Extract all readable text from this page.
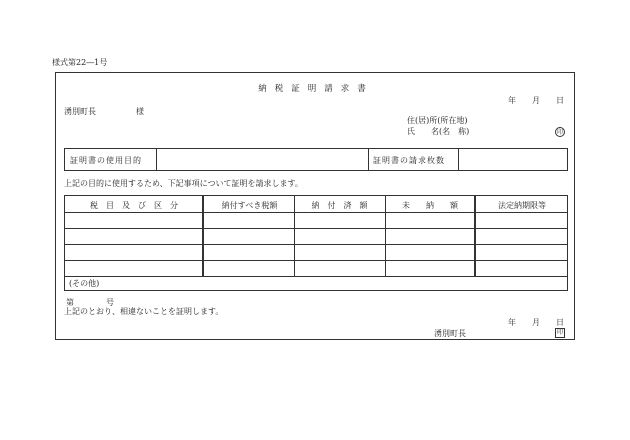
様式第22―1号
納税証明請求書
年　　月　　日
湧別町長　　　　　様
住(居)所(所在地)
氏　　名(名　称)	印
証明書の使用目的	証明書の請求枚数
上記の目的に使用するため、下記事項について証明を請求します。
税　目　及　び　区　分	納付すべき税額	納　付　済　額	未　　納　　額	法定納期限等
(その他)
第　　　　号
上記のとおり、相違ないことを証明します。
年　　月　　日
湧別町長	印
